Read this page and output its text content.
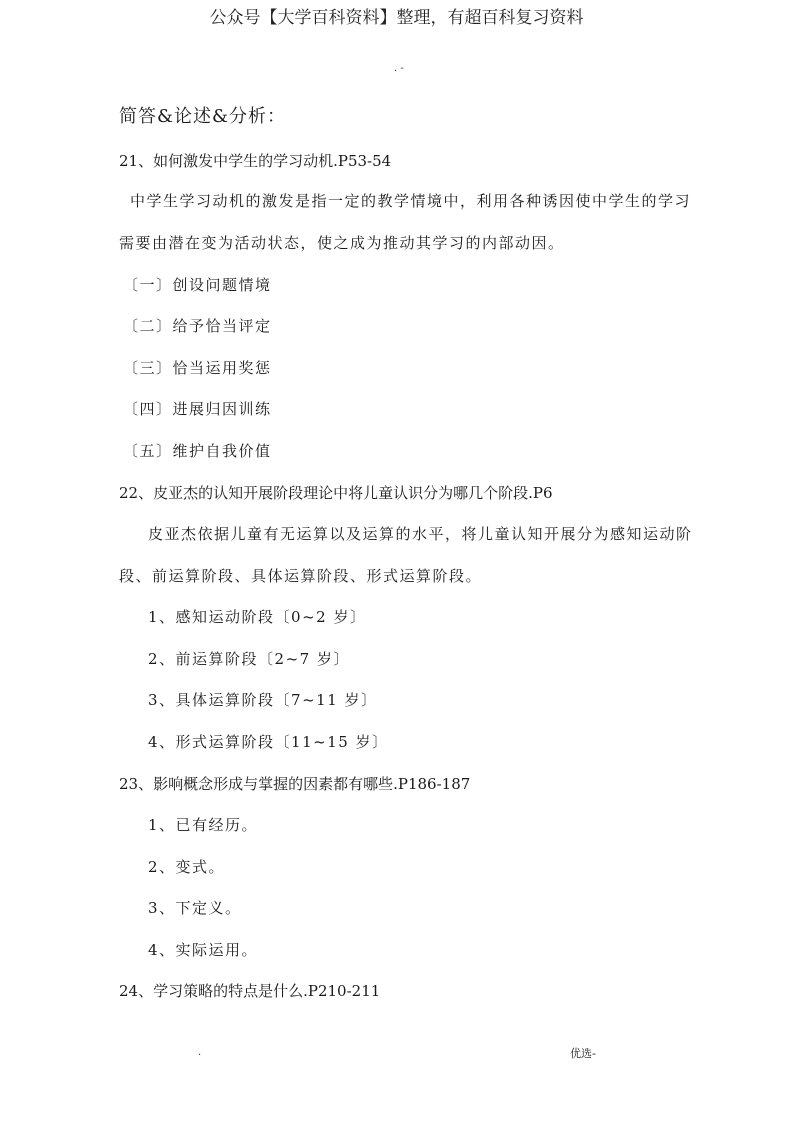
公众号【大学百科资料】整理，有超百科复习资料
. -
简答&论述&分析：
21、如何激发中学生的学习动机.P53-54
中学生学习动机的激发是指一定的教学情境中，利用各种诱因使中学生的学习
需要由潜在变为活动状态，使之成为推动其学习的内部动因。
〔一〕创设问题情境
〔二〕给予恰当评定
〔三〕恰当运用奖惩
〔四〕进展归因训练
〔五〕维护自我价值
22、皮亚杰的认知开展阶段理论中将儿童认识分为哪几个阶段.P6
皮亚杰依据儿童有无运算以及运算的水平，将儿童认知开展分为感知运动阶
段、前运算阶段、具体运算阶段、形式运算阶段。
1、感知运动阶段〔0~2 岁〕
2、前运算阶段〔2~7 岁〕
3、具体运算阶段〔7~11 岁〕
4、形式运算阶段〔11~15 岁〕
23、影响概念形成与掌握的因素都有哪些.P186-187
1、已有经历。
2、变式。
3、下定义。
4、实际运用。
24、学习策略的特点是什么.P210-211
.	优选-
